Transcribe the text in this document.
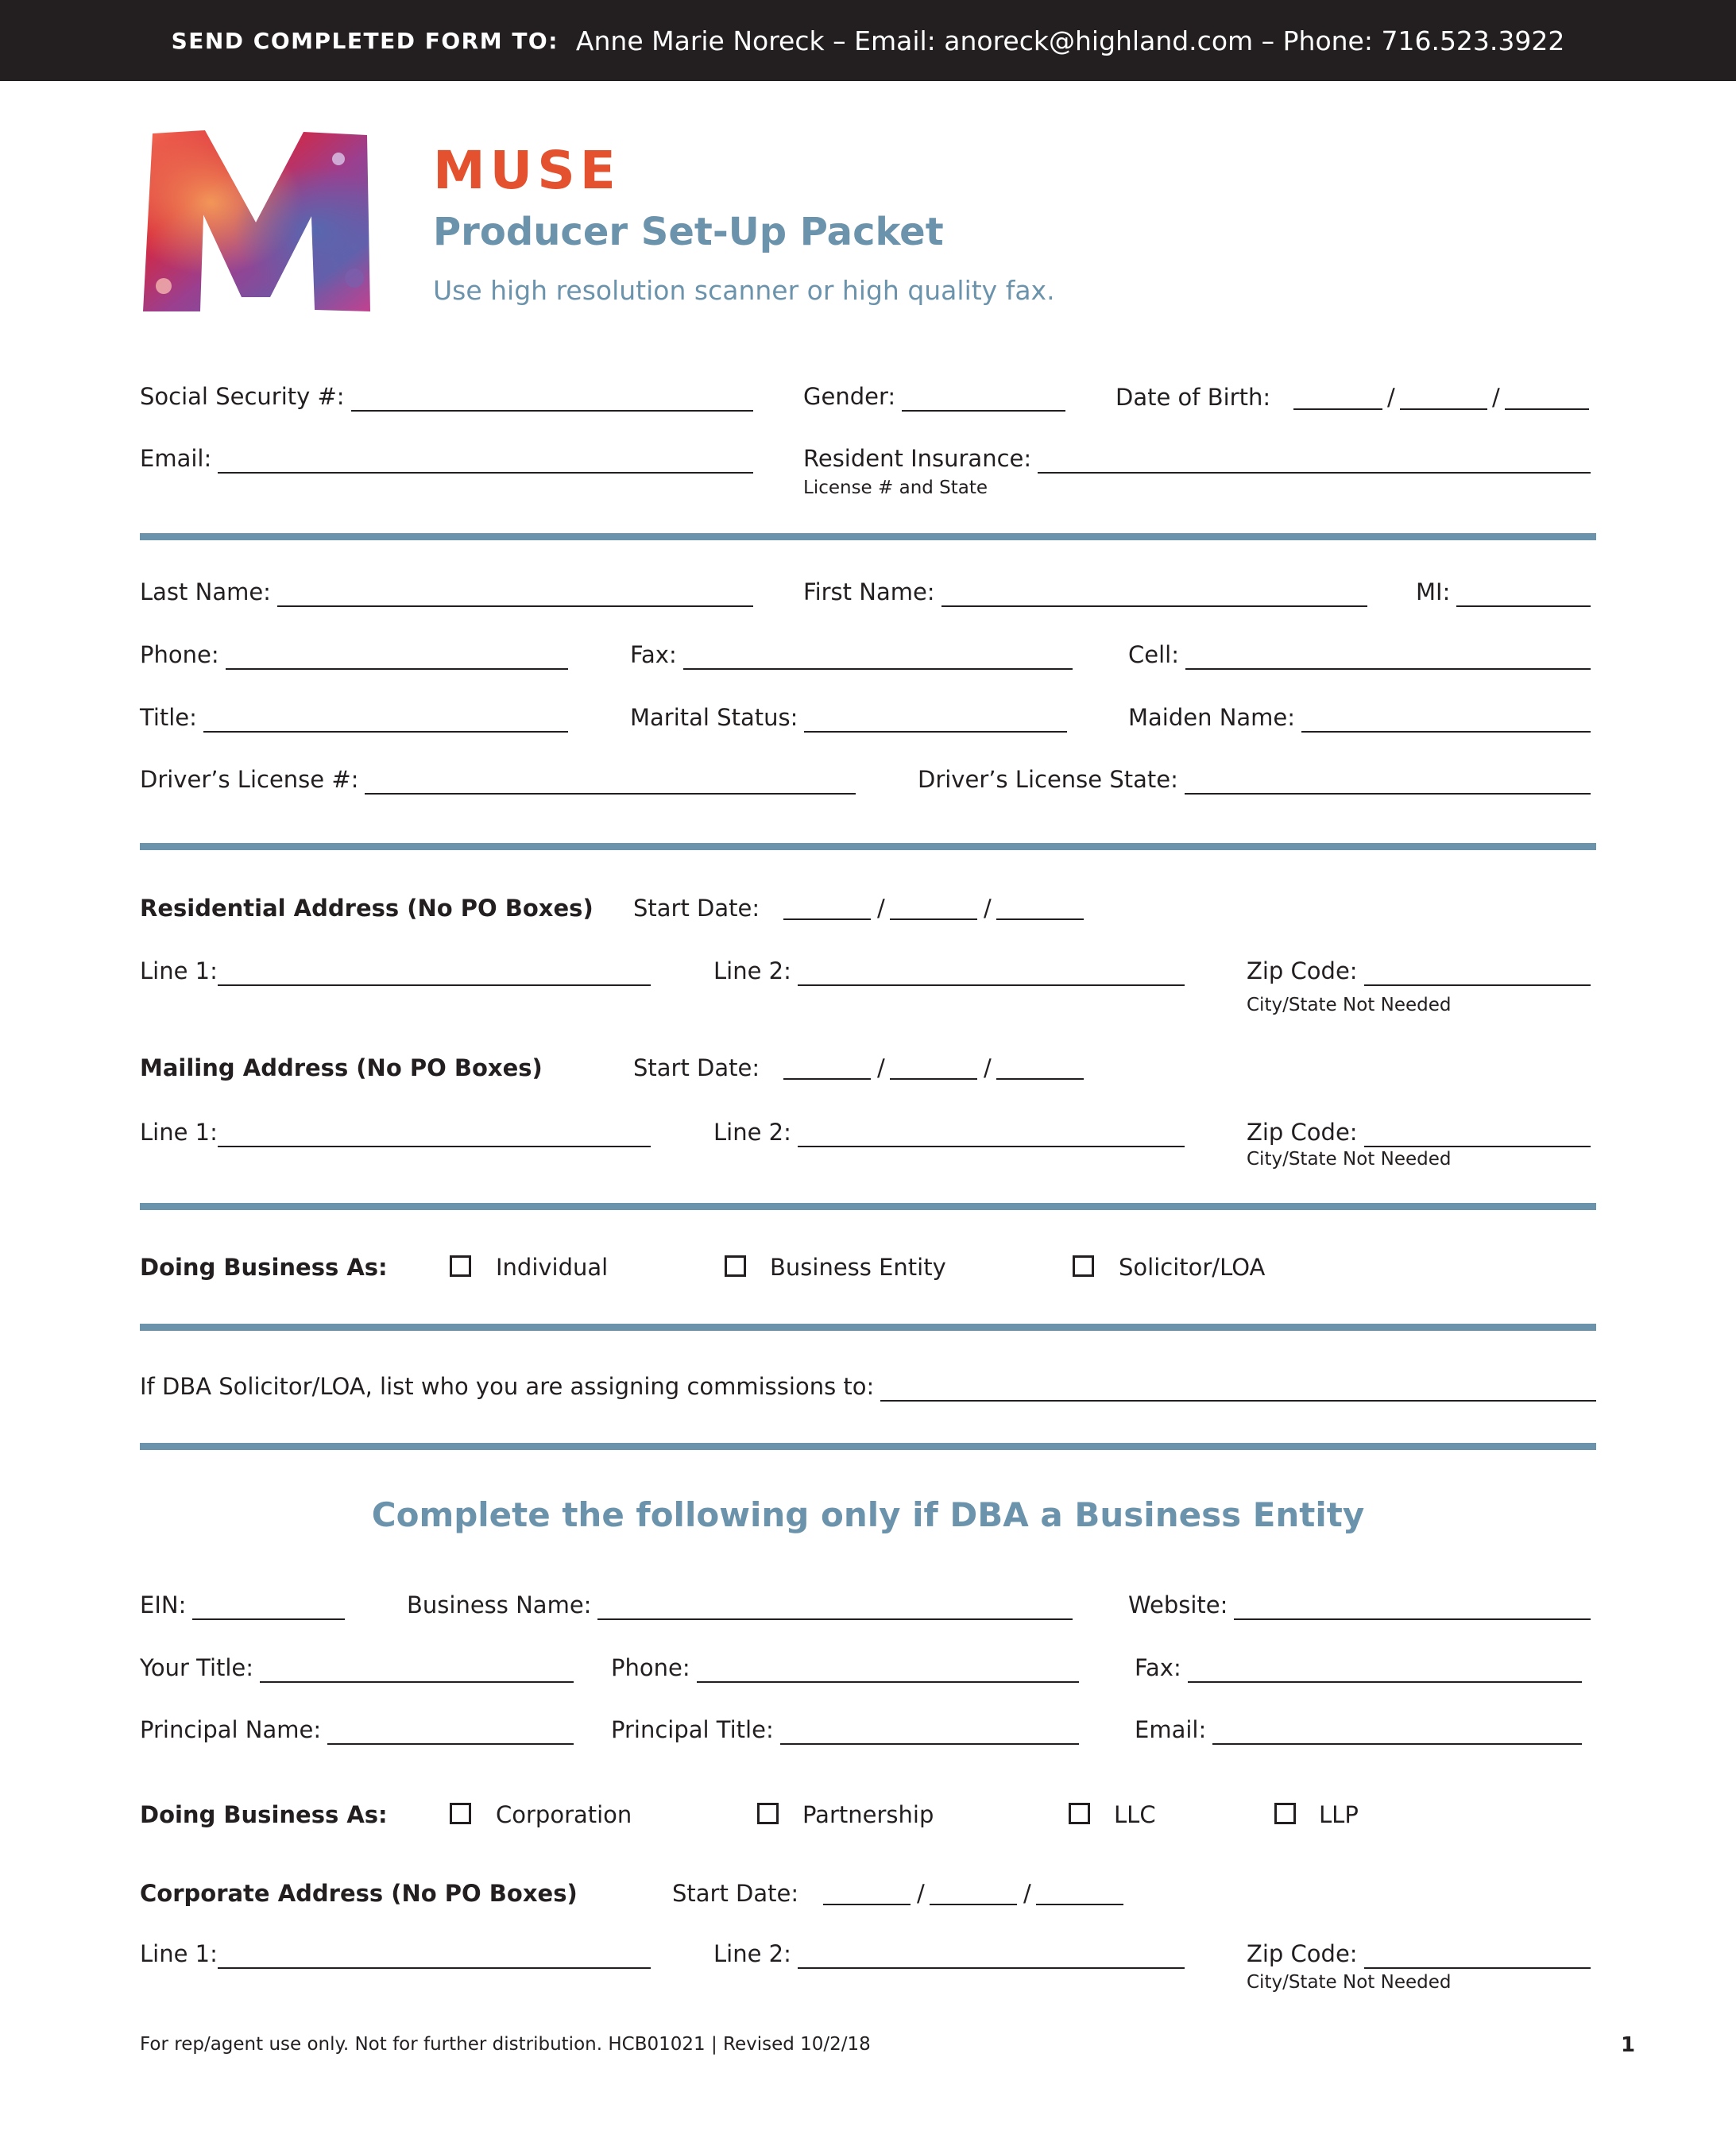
SEND COMPLETED FORM TO: Anne Marie Noreck – Email: anoreck@highland.com – Phone: 716.523.3922
MUSE
Producer Set-Up Packet
Use high resolution scanner or high quality fax.
Social Security #:	Gender:	Date of Birth:	/	/
Email:	Resident Insurance:
License # and State
Last Name:	First Name:	MI:
Phone:	Fax:	Cell:
Title:	Marital Status:	Maiden Name:
Driver’s License #:	Driver’s License State:
Residential Address (No PO Boxes) Start Date:	/	/
Line 1:	Line 2:	Zip Code:
City/State Not Needed
Mailing Address (No PO Boxes)	Start Date:	/	/
Line 1:	Line 2:	Zip Code:
City/State Not Needed
Doing Business As:	Individual	Business Entity	Solicitor/LOA
If DBA Solicitor/LOA, list who you are assigning commissions to:
Complete the following only if DBA a Business Entity
EIN:	Business Name:	Website:
Your Title:	Phone:	Fax:
Principal Name:	Principal Title:	Email:
Doing Business As:	Corporation	Partnership	LLC	LLP
Corporate Address (No PO Boxes)	Start Date:	/	/
Line 1:	Line 2:	Zip Code:
City/State Not Needed
For rep/agent use only. Not for further distribution. HCB01021 | Revised 10/2/18	1
